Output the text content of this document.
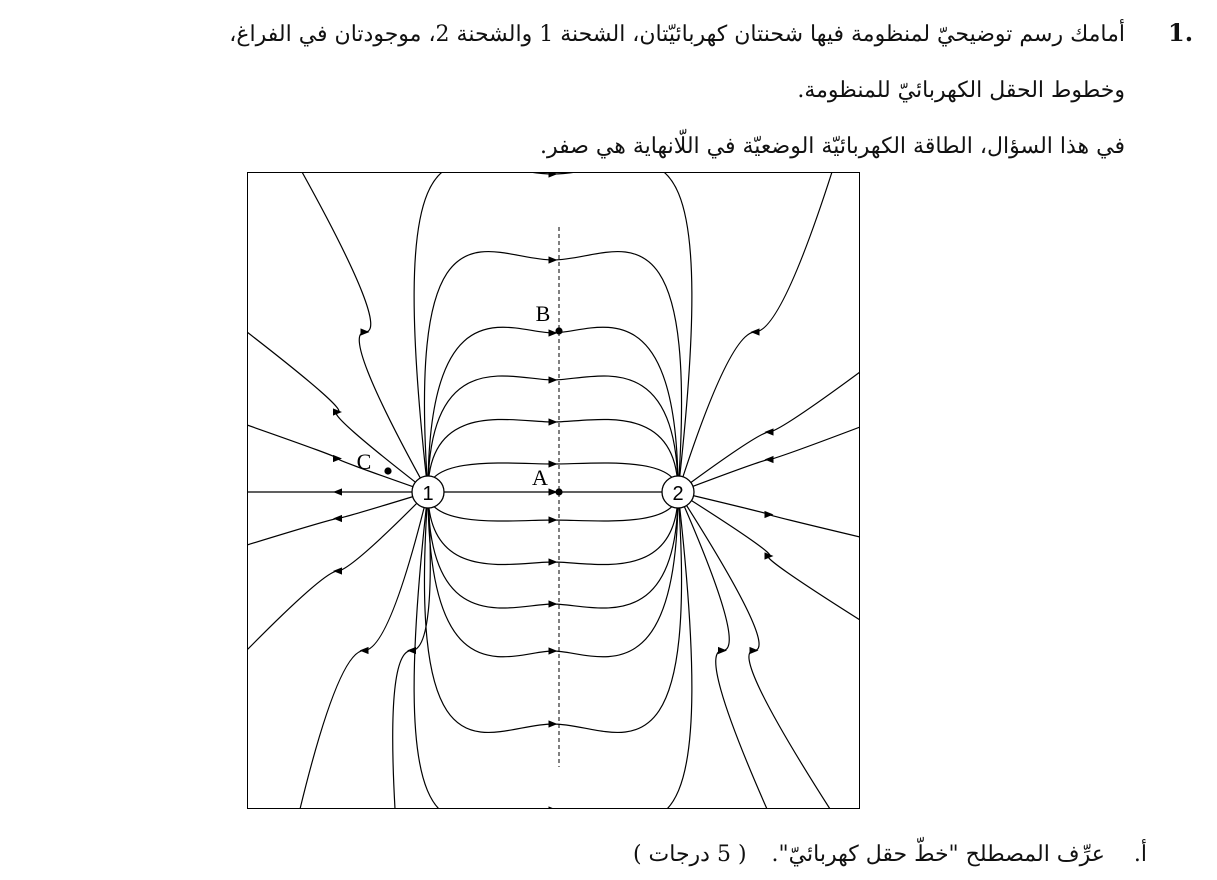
1.
أمامك رسم توضيحيّ لمنظومة فيها شحنتان كهربائيّتان، الشحنة 1 والشحنة 2، موجودتان في الفراغ،
وخطوط الحقل الكهربائيّ للمنظومة.
في هذا السؤال، الطاقة الكهربائيّة الوضعيّة في اللّانهاية هي صفر.
B
A
C
1	2
أ. عرِّف المصطلح "خطّ حقل كهربائيّ". ( 5 درجات )
